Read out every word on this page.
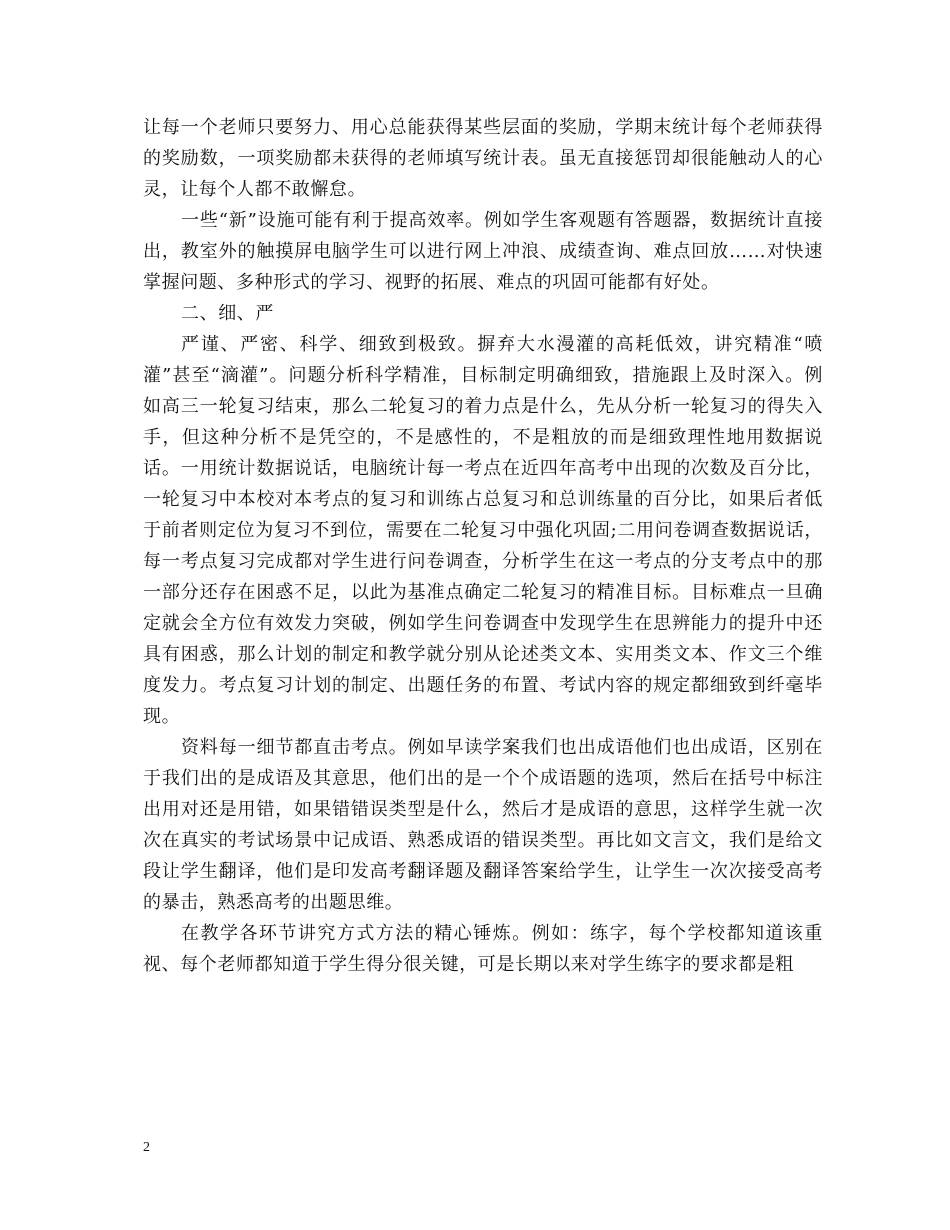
让每一个老师只要努力、用心总能获得某些层面的奖励，学期末统计每个老师获得的奖励数，一项奖励都未获得的老师填写统计表。虽无直接惩罚却很能触动人的心灵，让每个人都不敢懈怠。

一些“新”设施可能有利于提高效率。例如学生客观题有答题器，数据统计直接出，教室外的触摸屏电脑学生可以进行网上冲浪、成绩查询、难点回放……对快速掌握问题、多种形式的学习、视野的拓展、难点的巩固可能都有好处。

二、细、严

严谨、严密、科学、细致到极致。摒弃大水漫灌的高耗低效，讲究精准“喷灌”甚至“滴灌”。问题分析科学精准，目标制定明确细致，措施跟上及时深入。例如高三一轮复习结束，那么二轮复习的着力点是什么，先从分析一轮复习的得失入手，但这种分析不是凭空的，不是感性的，不是粗放的而是细致理性地用数据说话。一用统计数据说话，电脑统计每一考点在近四年高考中出现的次数及百分比，一轮复习中本校对本考点的复习和训练占总复习和总训练量的百分比，如果后者低于前者则定位为复习不到位，需要在二轮复习中强化巩固;二用问卷调查数据说话，每一考点复习完成都对学生进行问卷调查，分析学生在这一考点的分支考点中的那一部分还存在困惑不足，以此为基准点确定二轮复习的精准目标。目标难点一旦确定就会全方位有效发力突破，例如学生问卷调查中发现学生在思辨能力的提升中还具有困惑，那么计划的制定和教学就分别从论述类文本、实用类文本、作文三个维度发力。考点复习计划的制定、出题任务的布置、考试内容的规定都细致到纤毫毕现。

资料每一细节都直击考点。例如早读学案我们也出成语他们也出成语，区别在于我们出的是成语及其意思，他们出的是一个个成语题的选项，然后在括号中标注出用对还是用错，如果错错误类型是什么，然后才是成语的意思，这样学生就一次次在真实的考试场景中记成语、熟悉成语的错误类型。再比如文言文，我们是给文段让学生翻译，他们是印发高考翻译题及翻译答案给学生，让学生一次次接受高考的暴击，熟悉高考的出题思维。

在教学各环节讲究方式方法的精心锤炼。例如：练字，每个学校都知道该重视、每个老师都知道于学生得分很关键，可是长期以来对学生练字的要求都是粗

2
